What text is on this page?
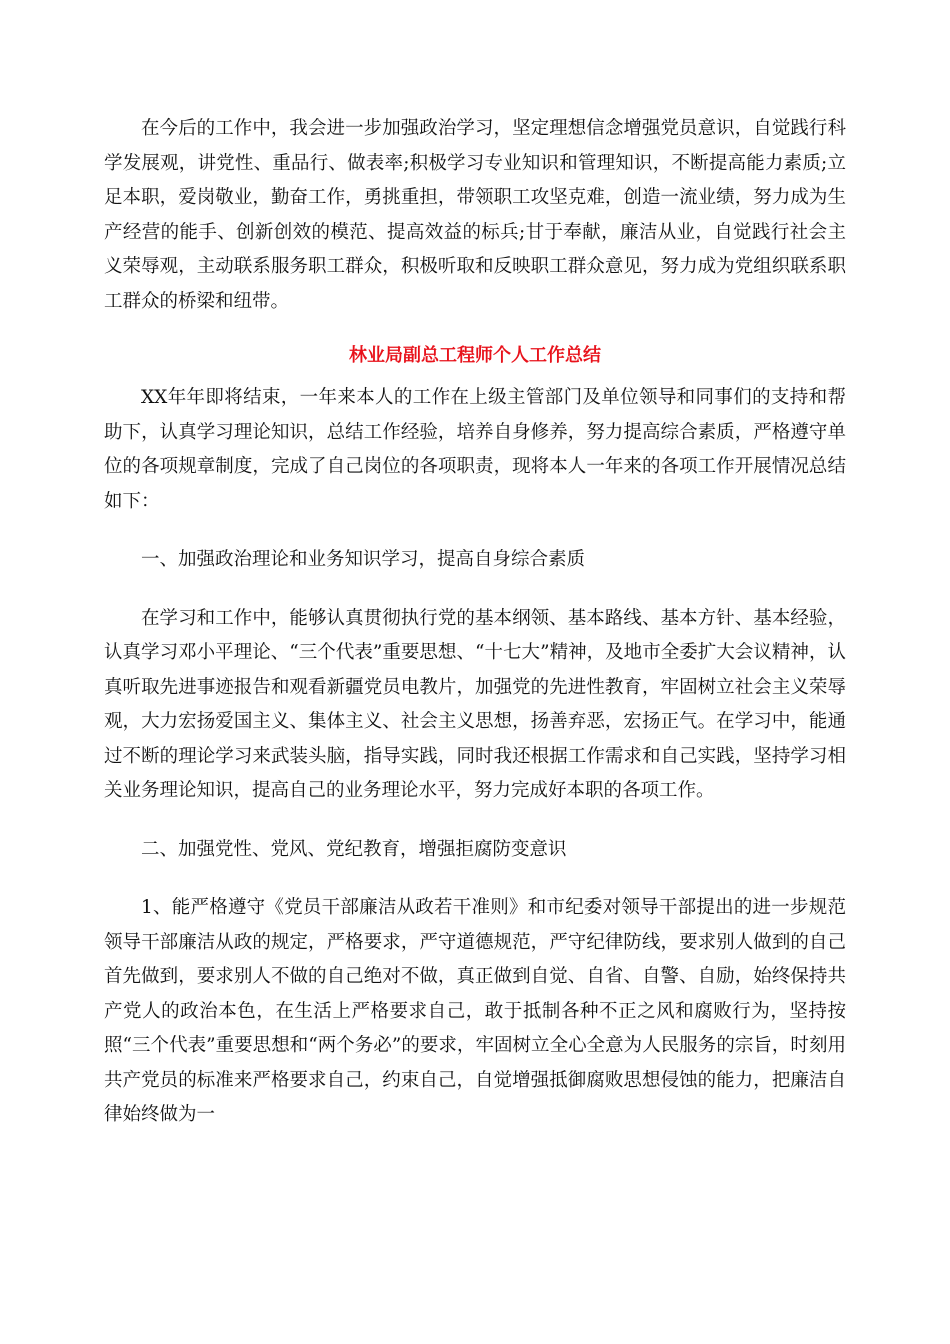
在今后的工作中，我会进一步加强政治学习，坚定理想信念增强党员意识，自觉践行科学发展观，讲党性、重品行、做表率;积极学习专业知识和管理知识，不断提高能力素质;立足本职，爱岗敬业，勤奋工作，勇挑重担，带领职工攻坚克难，创造一流业绩，努力成为生产经营的能手、创新创效的模范、提高效益的标兵;甘于奉献，廉洁从业，自觉践行社会主义荣辱观，主动联系服务职工群众，积极听取和反映职工群众意见，努力成为党组织联系职工群众的桥梁和纽带。

林业局副总工程师个人工作总结

XX年年即将结束，一年来本人的工作在上级主管部门及单位领导和同事们的支持和帮助下，认真学习理论知识，总结工作经验，培养自身修养，努力提高综合素质，严格遵守单位的各项规章制度，完成了自己岗位的各项职责，现将本人一年来的各项工作开展情况总结如下：

一、加强政治理论和业务知识学习，提高自身综合素质

在学习和工作中，能够认真贯彻执行党的基本纲领、基本路线、基本方针、基本经验，认真学习邓小平理论、“三个代表”重要思想、“十七大”精神，及地市全委扩大会议精神，认真听取先进事迹报告和观看新疆党员电教片，加强党的先进性教育，牢固树立社会主义荣辱观，大力宏扬爱国主义、集体主义、社会主义思想，扬善弃恶，宏扬正气。在学习中，能通过不断的理论学习来武装头脑，指导实践，同时我还根据工作需求和自己实践，坚持学习相关业务理论知识，提高自己的业务理论水平，努力完成好本职的各项工作。

二、加强党性、党风、党纪教育，增强拒腐防变意识

1、能严格遵守《党员干部廉洁从政若干准则》和市纪委对领导干部提出的进一步规范领导干部廉洁从政的规定，严格要求，严守道德规范，严守纪律防线，要求别人做到的自己首先做到，要求别人不做的自己绝对不做，真正做到自觉、自省、自警、自励，始终保持共产党人的政治本色，在生活上严格要求自己，敢于抵制各种不正之风和腐败行为，坚持按照“三个代表”重要思想和“两个务必”的要求，牢固树立全心全意为人民服务的宗旨，时刻用共产党员的标准来严格要求自己，约束自己，自觉增强抵御腐败思想侵蚀的能力，把廉洁自律始终做为一
